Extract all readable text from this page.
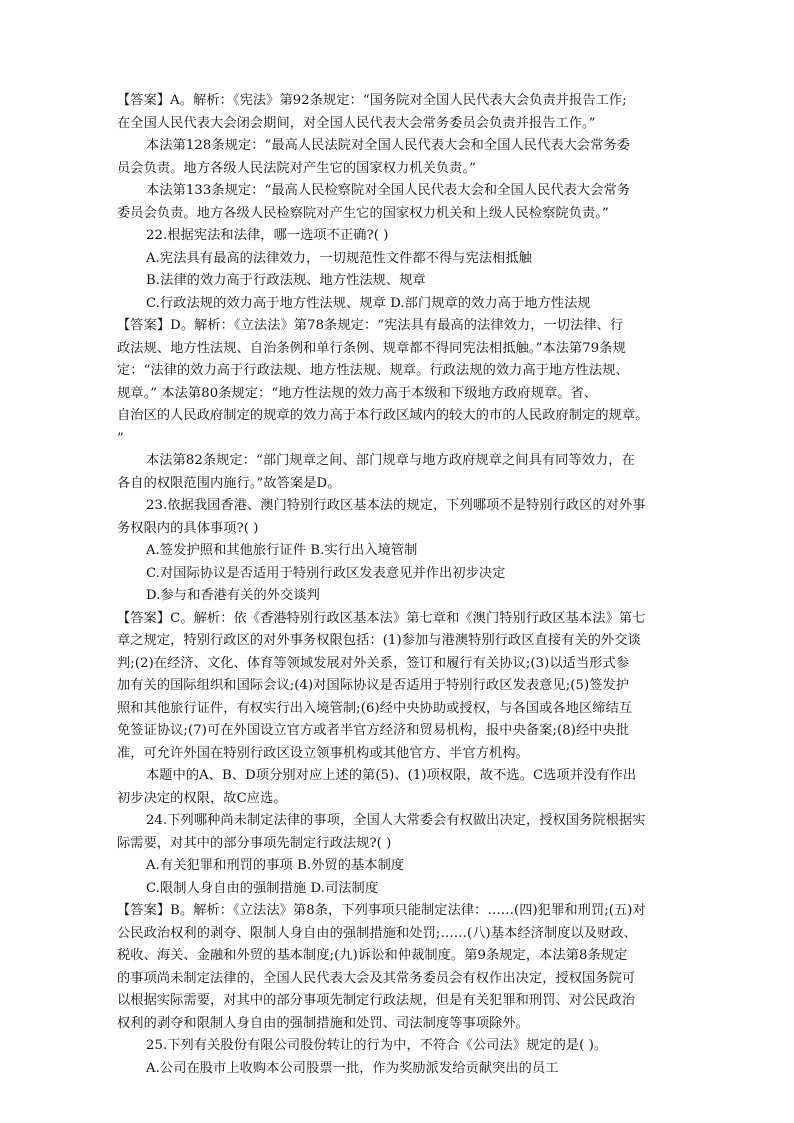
【答案】A。解析：《宪法》第92条规定：“国务院对全国人民代表大会负责并报告工作;
在全国人民代表大会闭会期间，对全国人民代表大会常务委员会负责并报告工作。”
本法第128条规定：“最高人民法院对全国人民代表大会和全国人民代表大会常务委
员会负责。地方各级人民法院对产生它的国家权力机关负责。”
本法第133条规定：“最高人民检察院对全国人民代表大会和全国人民代表大会常务
委员会负责。地方各级人民检察院对产生它的国家权力机关和上级人民检察院负责。”
22.根据宪法和法律，哪一选项不正确?( )
A.宪法具有最高的法律效力，一切规范性文件都不得与宪法相抵触
B.法律的效力高于行政法规、地方性法规、规章
C.行政法规的效力高于地方性法规、规章 D.部门规章的效力高于地方性法规
【答案】D。解析：《立法法》第78条规定：“宪法具有最高的法律效力，一切法律、行
政法规、地方性法规、自治条例和单行条例、规章都不得同宪法相抵触。”本法第79条规
定：“法律的效力高于行政法规、地方性法规、规章。行政法规的效力高于地方性法规、
规章。” 本法第80条规定：“地方性法规的效力高于本级和下级地方政府规章。省、
自治区的人民政府制定的规章的效力高于本行政区域内的较大的市的人民政府制定的规章。
”
本法第82条规定：“部门规章之间、部门规章与地方政府规章之间具有同等效力，在
各自的权限范围内施行。”故答案是D。
23.依据我国香港、澳门特别行政区基本法的规定，下列哪项不是特别行政区的对外事
务权限内的具体事项?( )
A.签发护照和其他旅行证件 B.实行出入境管制
C.对国际协议是否适用于特别行政区发表意见并作出初步决定
D.参与和香港有关的外交谈判
【答案】C。解析：依《香港特别行政区基本法》第七章和《澳门特别行政区基本法》第七
章之规定，特别行政区的对外事务权限包括：(1)参加与港澳特别行政区直接有关的外交谈
判;(2)在经济、文化、体育等领域发展对外关系，签订和履行有关协议;(3)以适当形式参
加有关的国际组织和国际会议;(4)对国际协议是否适用于特别行政区发表意见;(5)签发护
照和其他旅行证件，有权实行出入境管制;(6)经中央协助或授权，与各国或各地区缔结互
免签证协议;(7)可在外国设立官方或者半官方经济和贸易机构，报中央备案;(8)经中央批
准，可允许外国在特别行政区设立领事机构或其他官方、半官方机构。
本题中的A、B、D项分别对应上述的第(5)、(1)项权限，故不选。C选项并没有作出
初步决定的权限，故C应选。
24.下列哪种尚未制定法律的事项，全国人大常委会有权做出决定，授权国务院根据实
际需要，对其中的部分事项先制定行政法规?( )
A.有关犯罪和刑罚的事项 B.外贸的基本制度
C.限制人身自由的强制措施 D.司法制度
【答案】B。解析：《立法法》第8条，下列事项只能制定法律：……(四)犯罪和刑罚;(五)对
公民政治权利的剥夺、限制人身自由的强制措施和处罚;……(八)基本经济制度以及财政、
税收、海关、金融和外贸的基本制度;(九)诉讼和仲裁制度。第9条规定，本法第8条规定
的事项尚未制定法律的，全国人民代表大会及其常务委员会有权作出决定，授权国务院可
以根据实际需要，对其中的部分事项先制定行政法规，但是有关犯罪和刑罚、对公民政治
权利的剥夺和限制人身自由的强制措施和处罚、司法制度等事项除外。
25.下列有关股份有限公司股份转让的行为中，不符合《公司法》规定的是( )。
A.公司在股市上收购本公司股票一批，作为奖励派发给贡献突出的员工
